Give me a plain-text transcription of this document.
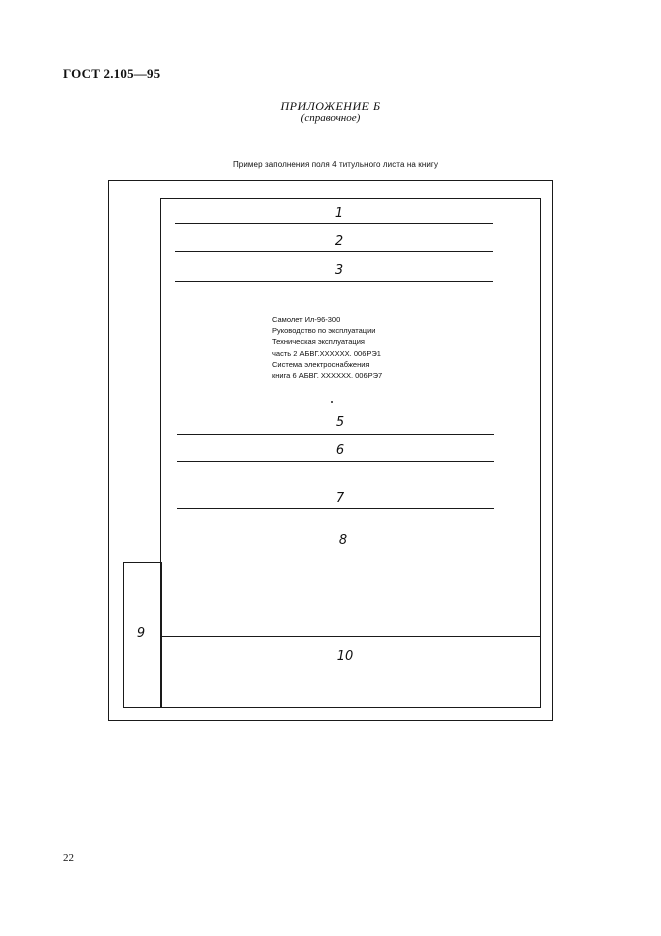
ГОСТ 2.105—95
ПРИЛОЖЕНИЕ Б
(справочное)
Пример заполнения поля 4 титульного листа на книгу
1
2
3
5
6
7
8
9
10
Самолет Ил-96-300
Руководство по эксплуатации
Техническая эксплуатация
часть 2 АБВГ.XXXXXX. 006РЭ1
Система электроснабжения
книга 6 АБВГ. XXXXXX. 006РЭ7
22
